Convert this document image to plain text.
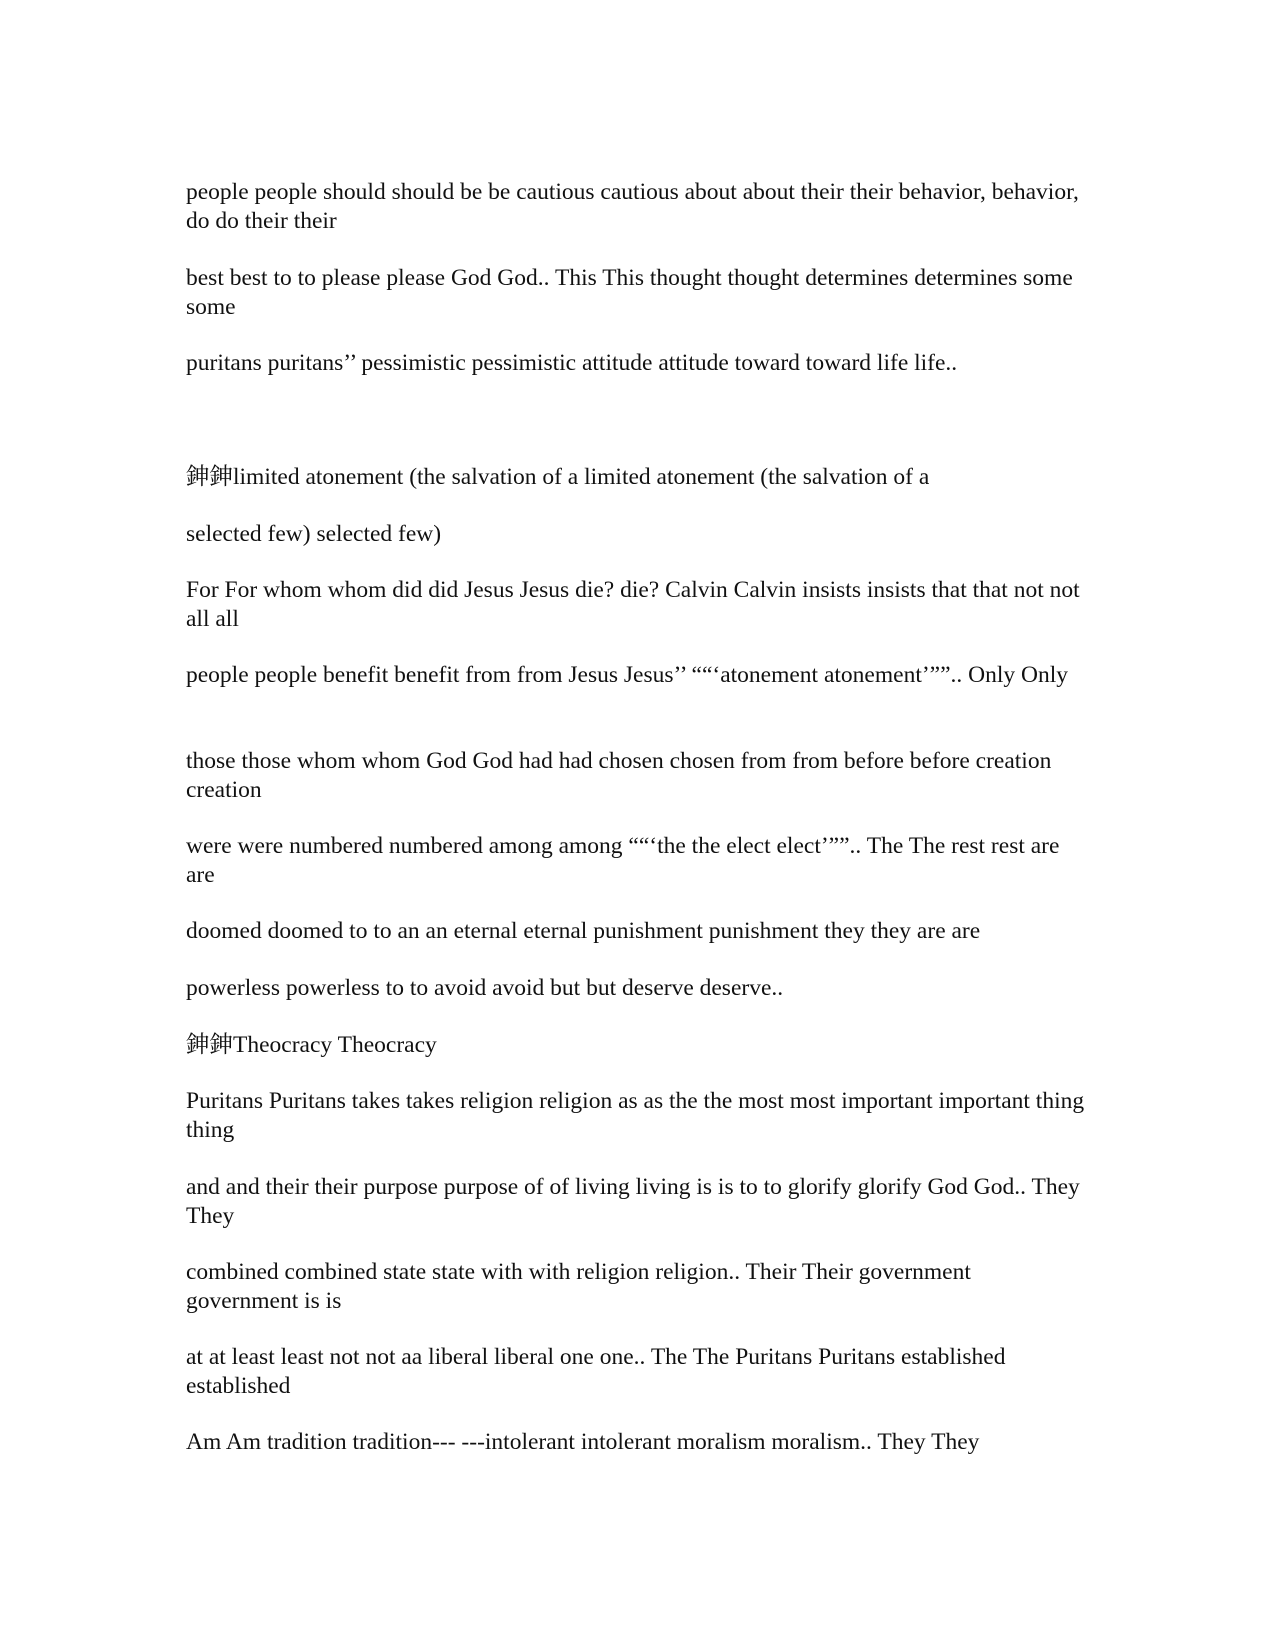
people people should should be be cautious cautious about about their their behavior, behavior, do do their their

best best to to please please God God.. This This thought thought determines determines some some

puritans puritans’’ pessimistic pessimistic attitude attitude toward toward life life..

鉮鉮limited atonement (the salvation of a limited atonement (the salvation of a

selected few) selected few)

For For whom whom did did Jesus Jesus die? die? Calvin Calvin insists insists that that not not all all

people people benefit benefit from from Jesus Jesus’’ ““‘atonement atonement’””.. Only Only

those those whom whom God God had had chosen chosen from from before before creation creation

were were numbered numbered among among ““‘the the elect elect’””.. The The rest rest are are

doomed doomed to to an an eternal eternal punishment punishment they they are are

powerless powerless to to avoid avoid but but deserve deserve..

鉮鉮Theocracy Theocracy

Puritans Puritans takes takes religion religion as as the the most most important important thing thing

and and their their purpose purpose of of living living is is to to glorify glorify God God.. They They

combined combined state state with with religion religion.. Their Their government government is is

at at least least not not aa liberal liberal one one.. The The Puritans Puritans established established

Am Am tradition tradition--- ---intolerant intolerant moralism moralism.. They They
